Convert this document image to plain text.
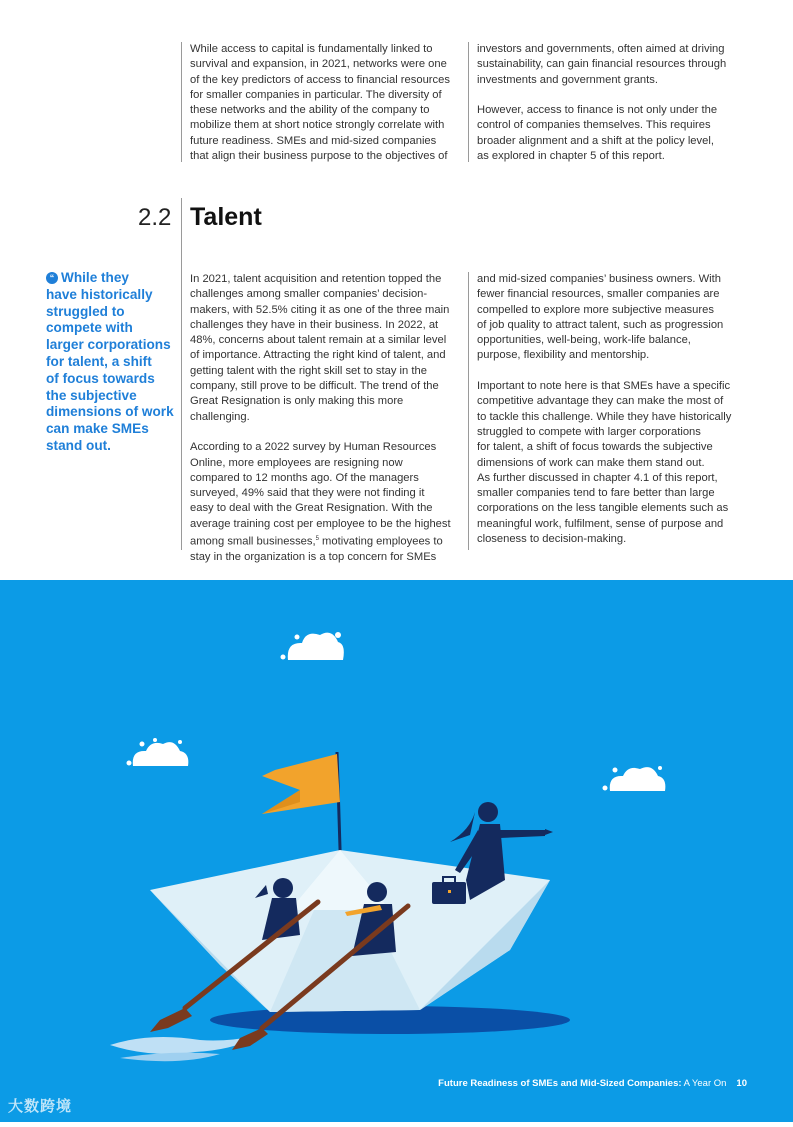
While access to capital is fundamentally linked to
survival and expansion, in 2021, networks were one
of the key predictors of access to financial resources
for smaller companies in particular. The diversity of
these networks and the ability of the company to
mobilize them at short notice strongly correlate with
future readiness. SMEs and mid-sized companies
that align their business purpose to the objectives of

investors and governments, often aimed at driving
sustainability, can gain financial resources through
investments and government grants.

However, access to finance is not only under the
control of companies themselves. This requires
broader alignment and a shift at the policy level,
as explored in chapter 5 of this report.

2.2 Talent
“ While they
have historically
struggled to
compete with
larger corporations
for talent, a shift
of focus towards
the subjective
dimensions of work
can make SMEs
stand out.

In 2021, talent acquisition and retention topped the
challenges among smaller companies’ decision-
makers, with 52.5% citing it as one of the three main
challenges they have in their business. In 2022, at
48%, concerns about talent remain at a similar level
of importance. Attracting the right kind of talent, and
getting talent with the right skill set to stay in the
company, still prove to be difficult. The trend of the
Great Resignation is only making this more challenging.

According to a 2022 survey by Human Resources
Online, more employees are resigning now
compared to 12 months ago. Of the managers
surveyed, 49% said that they were not finding it
easy to deal with the Great Resignation. With the
average training cost per employee to be the highest
among small businesses,$^5$ motivating employees to
stay in the organization is a top concern for SMEs

and mid-sized companies’ business owners. With
fewer financial resources, smaller companies are
compelled to explore more subjective measures
of job quality to attract talent, such as progression
opportunities, well-being, work-life balance,
purpose, flexibility and mentorship.

Important to note here is that SMEs have a specific
competitive advantage they can make the most of
to tackle this challenge. While they have historically
struggled to compete with larger corporations
for talent, a shift of focus towards the subjective
dimensions of work can make them stand out.
As further discussed in chapter 4.1 of this report,
smaller companies tend to fare better than large
corporations on the less tangible elements such as
meaningful work, fulfilment, sense of purpose and
closeness to decision-making.

Future Readiness of SMEs and Mid-Sized Companies: A Year On 10
大数跨境
